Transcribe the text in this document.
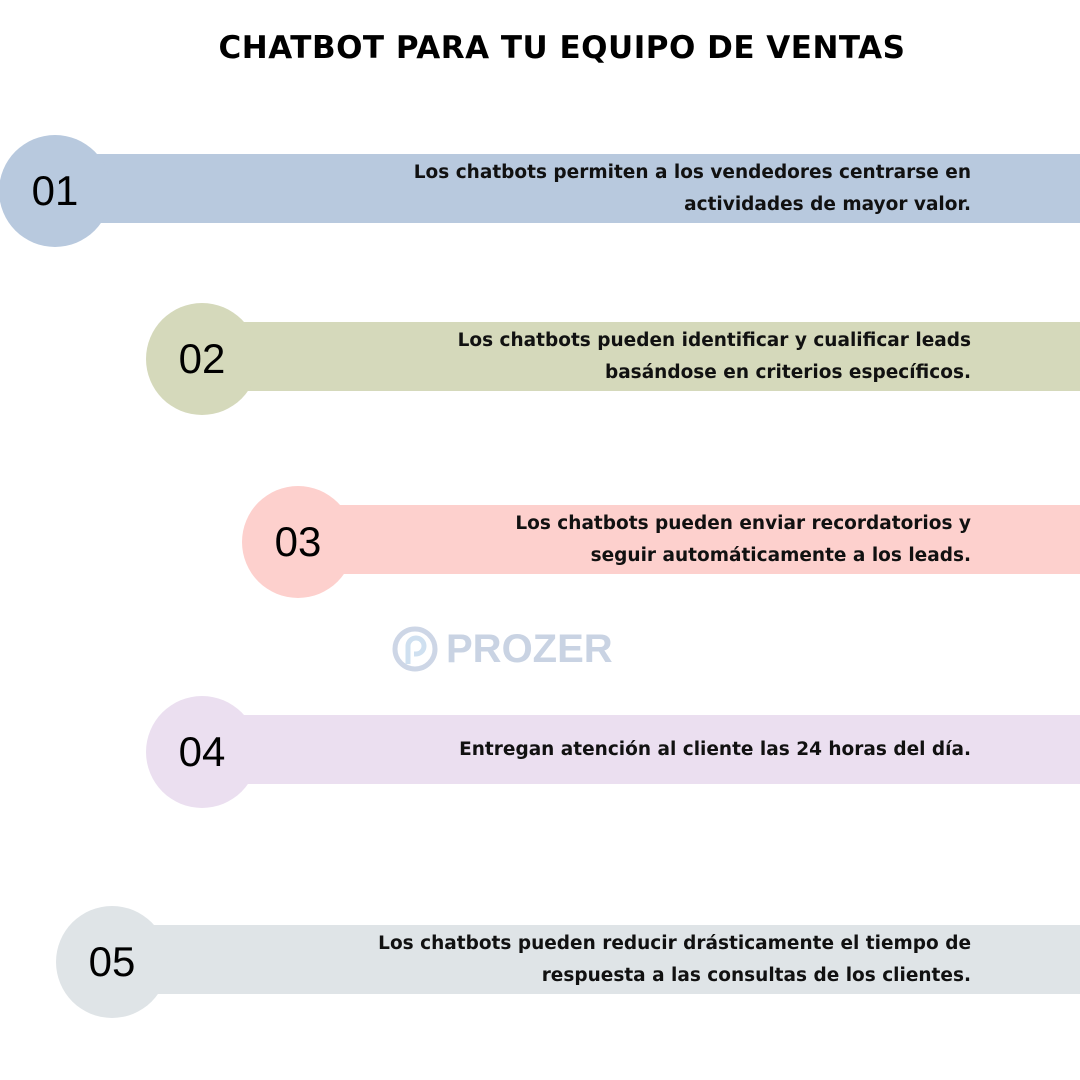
CHATBOT PARA TU EQUIPO DE VENTAS
01	Los chatbots permiten a los vendedores centrarse en
actividades de mayor valor.
02	Los chatbots pueden identificar y cualificar leads
basándose en criterios específicos.
03	Los chatbots pueden enviar recordatorios y
seguir automáticamente a los leads.
04	Entregan atención al cliente las 24 horas del día.
05	Los chatbots pueden reducir drásticamente el tiempo de
respuesta a las consultas de los clientes.
PROZER
